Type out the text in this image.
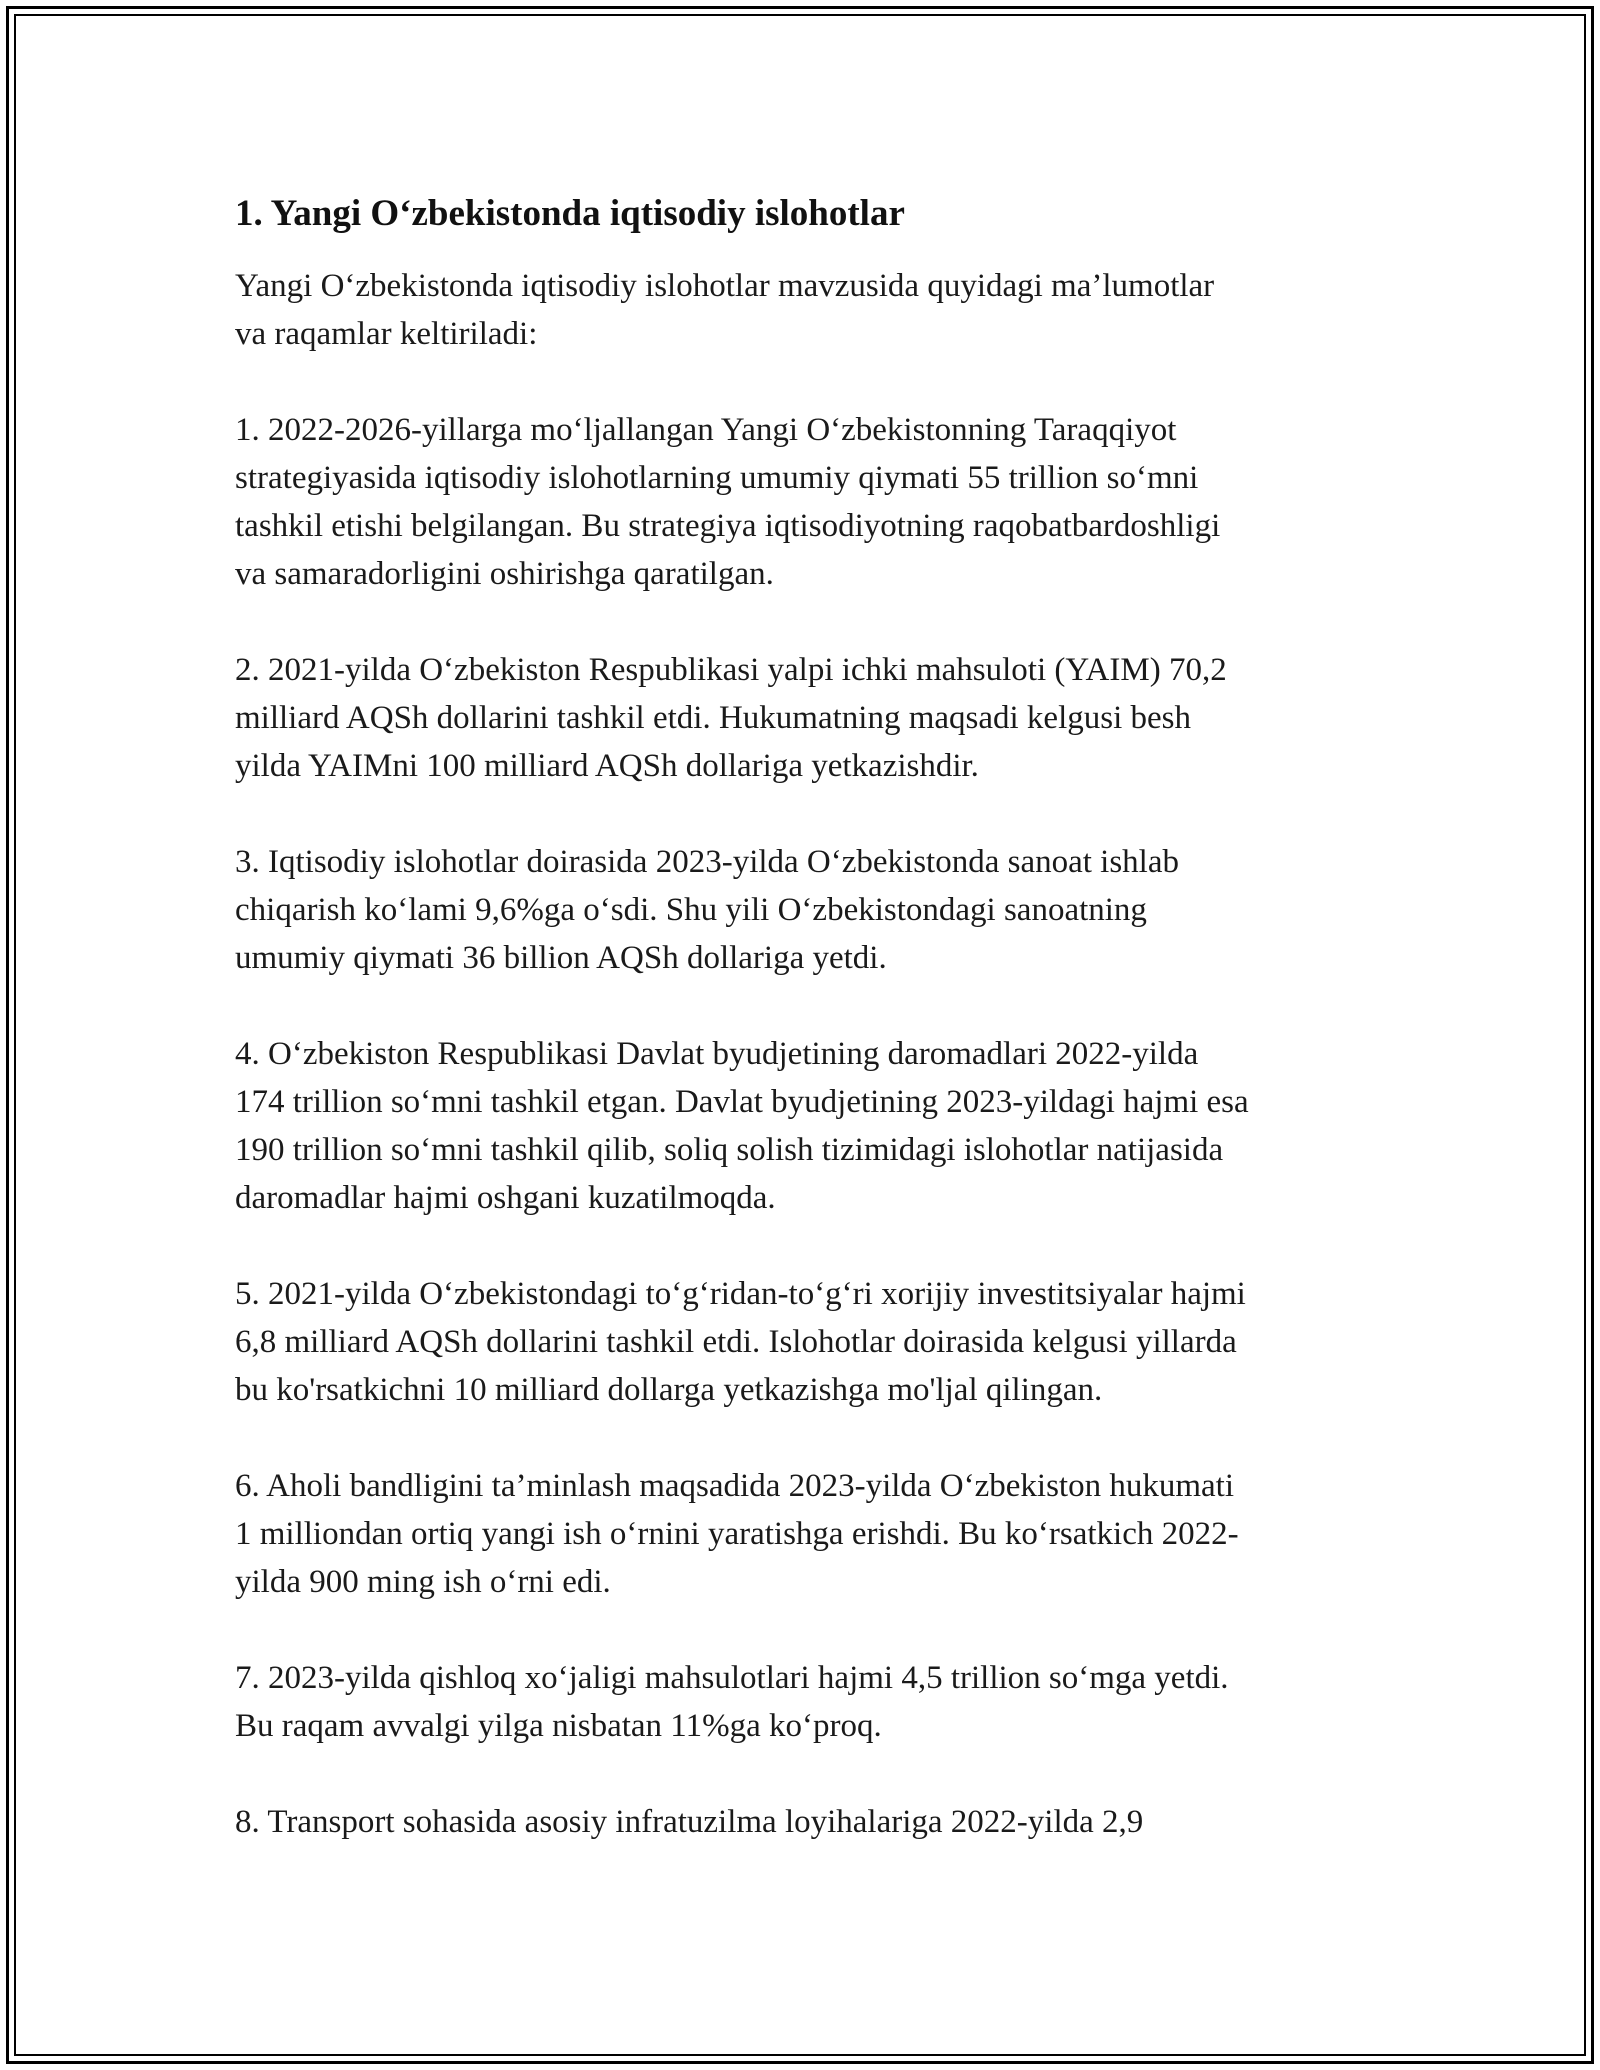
1. Yangi O‘zbekistonda iqtisodiy islohotlar

Yangi O‘zbekistonda iqtisodiy islohotlar mavzusida quyidagi ma’lumotlar
va raqamlar keltiriladi:

1. 2022-2026-yillarga mo‘ljallangan Yangi O‘zbekistonning Taraqqiyot
strategiyasida iqtisodiy islohotlarning umumiy qiymati 55 trillion so‘mni
tashkil etishi belgilangan. Bu strategiya iqtisodiyotning raqobatbardoshligi
va samaradorligini oshirishga qaratilgan.

2. 2021-yilda O‘zbekiston Respublikasi yalpi ichki mahsuloti (YAIM) 70,2
milliard AQSh dollarini tashkil etdi. Hukumatning maqsadi kelgusi besh
yilda YAIMni 100 milliard AQSh dollariga yetkazishdir.

3. Iqtisodiy islohotlar doirasida 2023-yilda O‘zbekistonda sanoat ishlab
chiqarish ko‘lami 9,6%ga o‘sdi. Shu yili O‘zbekistondagi sanoatning
umumiy qiymati 36 billion AQSh dollariga yetdi.

4. O‘zbekiston Respublikasi Davlat byudjetining daromadlari 2022-yilda
174 trillion so‘mni tashkil etgan. Davlat byudjetining 2023-yildagi hajmi esa
190 trillion so‘mni tashkil qilib, soliq solish tizimidagi islohotlar natijasida
daromadlar hajmi oshgani kuzatilmoqda.

5. 2021-yilda O‘zbekistondagi to‘g‘ridan-to‘g‘ri xorijiy investitsiyalar hajmi
6,8 milliard AQSh dollarini tashkil etdi. Islohotlar doirasida kelgusi yillarda
bu ko'rsatkichni 10 milliard dollarga yetkazishga mo'ljal qilingan.

6. Aholi bandligini ta’minlash maqsadida 2023-yilda O‘zbekiston hukumati
1 milliondan ortiq yangi ish o‘rnini yaratishga erishdi. Bu ko‘rsatkich 2022-
yilda 900 ming ish o‘rni edi.

7. 2023-yilda qishloq xo‘jaligi mahsulotlari hajmi 4,5 trillion so‘mga yetdi.
Bu raqam avvalgi yilga nisbatan 11%ga ko‘proq.

8. Transport sohasida asosiy infratuzilma loyihalariga 2022-yilda 2,9
